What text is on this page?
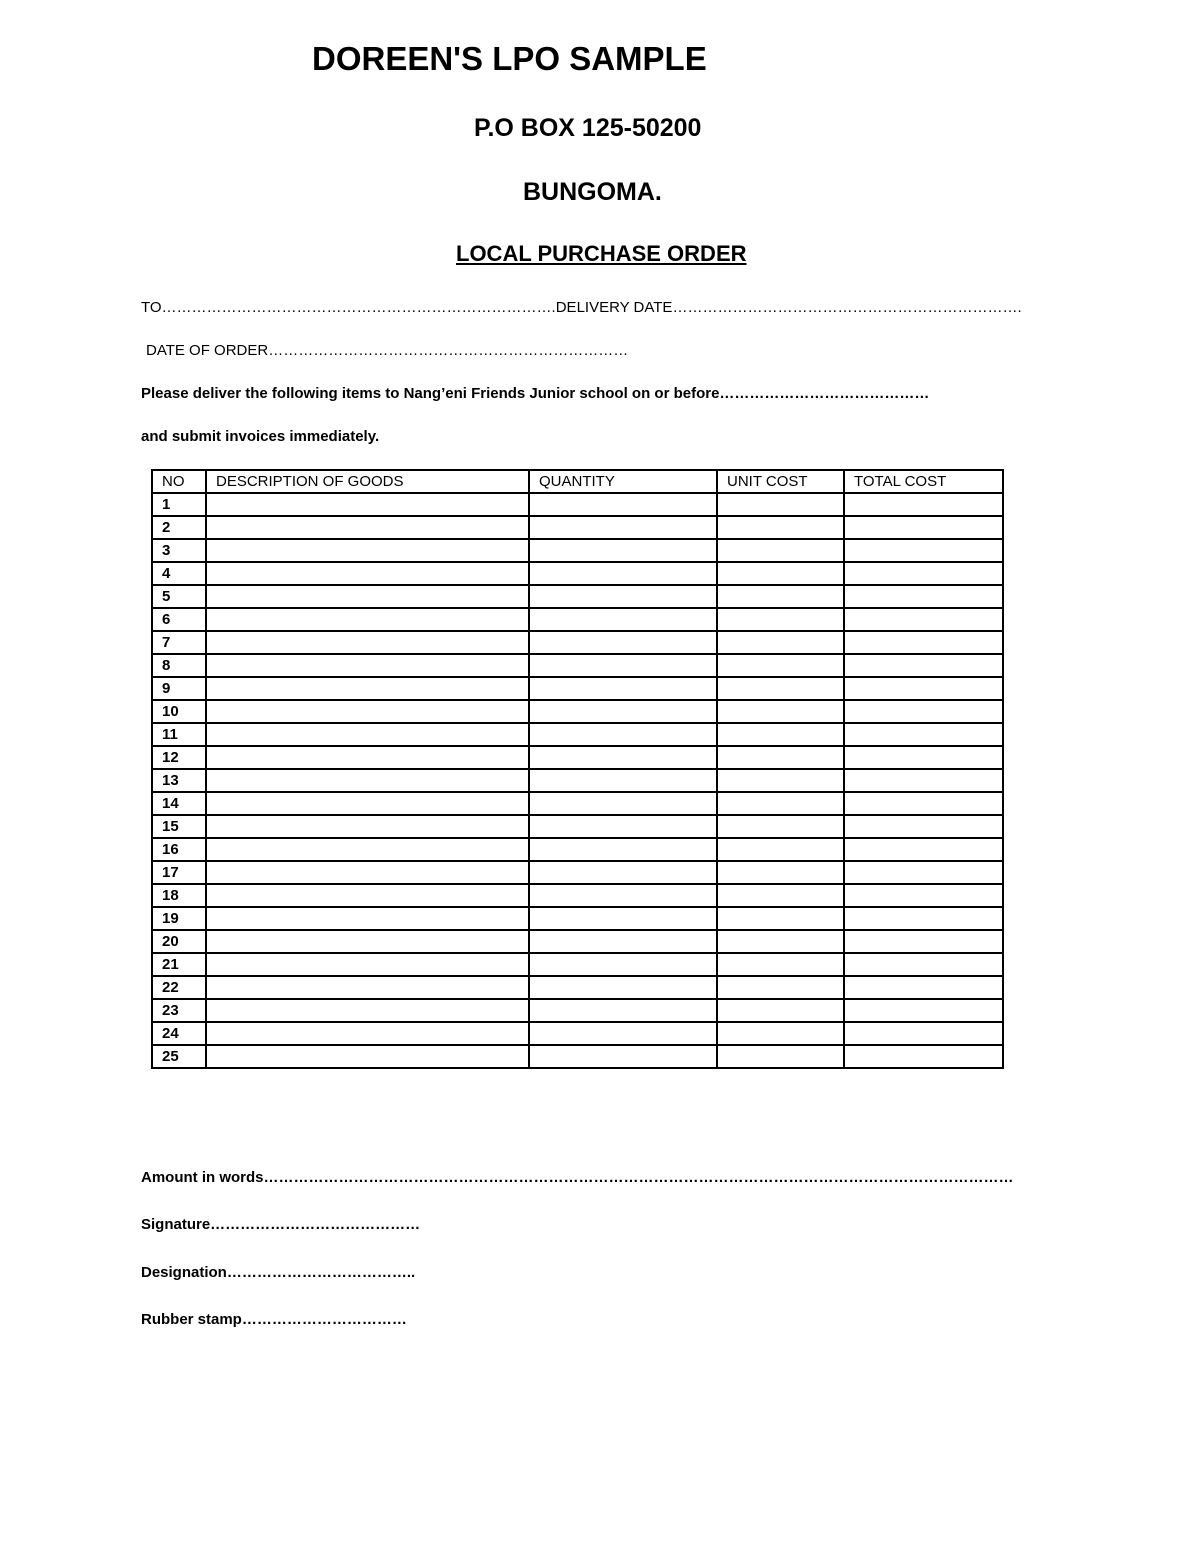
DOREEN'S LPO SAMPLE
P.O BOX 125-50200
BUNGOMA.
LOCAL PURCHASE ORDER
TO…………………………………………………………………….DELIVERY DATE…………………………………………………………….
DATE OF ORDER………………………………………………………………
Please deliver the following items to Nang’eni Friends Junior school on or before……………………………………
and submit invoices immediately.
NO	DESCRIPTION OF GOODS	QUANTITY	UNIT COST	TOTAL COST
1				
2				
3				
4				
5				
6				
7				
8				
9				
10				
11				
12				
13				
14				
15				
16				
17				
18				
19				
20				
21				
22				
23				
24				
25				
Amount in words……………………………………………………………………………………………………………………………………
Signature……………………………………
Designation………………………………..
Rubber stamp……………………………
